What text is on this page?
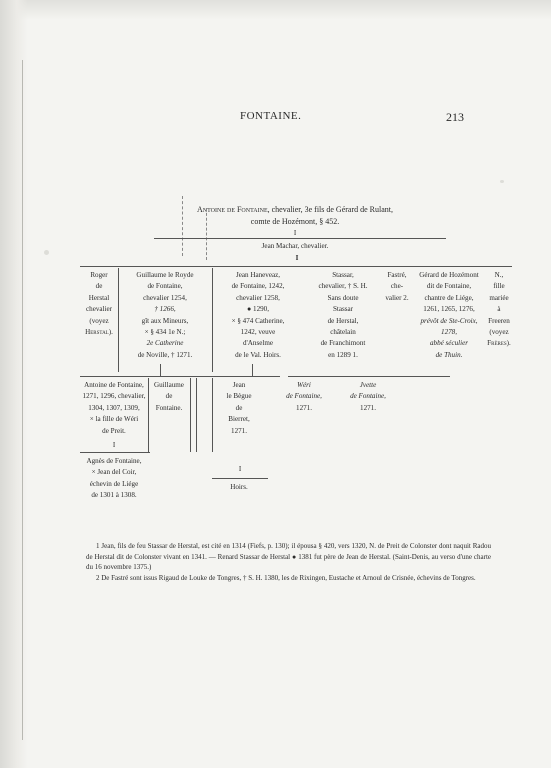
FONTAINE.	213
Antoine de Fontaine, chevalier, 3e fils de Gérard de Rulant,
comte de Hozémont, § 452.
I
Jean Machar, chevalier.
I
Roger
de
Herstal
chevalier
(voyez
Herstal).
Guillaume le Royde
de Fontaine,
chevalier 1254,
† 1266,
gît aux Mineurs,
× § 434 1e N.;
2e Catherine
de Noville, † 1271.
Jean Haneveaz,
de Fontaine, 1242,
chevalier 1258,
● 1290,
× § 474 Catherine,
1242, veuve
d'Anselme
de le Val. Hoirs.
Stassar,
chevalier, † S. H.
Sans doute
Stassar
de Herstal,
châtelain
de Franchimont
en 1289 1.
Fastré,
che-
valier 2.
Gérard de Hozémont
dit de Fontaine,
chantre de Liége,
1261, 1265, 1276,
prévôt de Ste-Croix,
1278,
abbé séculier
de Thuin.
N.,
fille
mariée
à
Freeren
(voyez
Frères).
Antoine de Fontaine,
1271, 1296, chevalier,
1304, 1307, 1309,
× la fille de Wéri
de Preit.
Guillaume
de
Fontaine.
Jean
le Bègue
de
Bierret,
1271.
Wéri
de Fontaine,
1271.
Jvette
de Fontaine,
1271.
I
I
Agnès de Fontaine,
× Jean del Coir,
échevin de Liége
de 1301 à 1308.
Hoirs.

1 Jean, fils de feu Stassar de Herstal, est cité en 1314 (Fiefs, p. 130); il épousa § 420, vers 1320, N. de Preit de Colonster dont naquit Radou de Herstal dit de Colonster vivant en 1341. — Renard Stassar de Herstal ● 1381 fut père de Jean de Herstal. (Saint-Denis, au verso d'une charte du 16 novembre 1375.)

2 De Fastré sont issus Rigaud de Louke de Tongres, † S. H. 1380, les de Rixingen, Eustache et Arnoul de Crisnée, échevins de Tongres.
